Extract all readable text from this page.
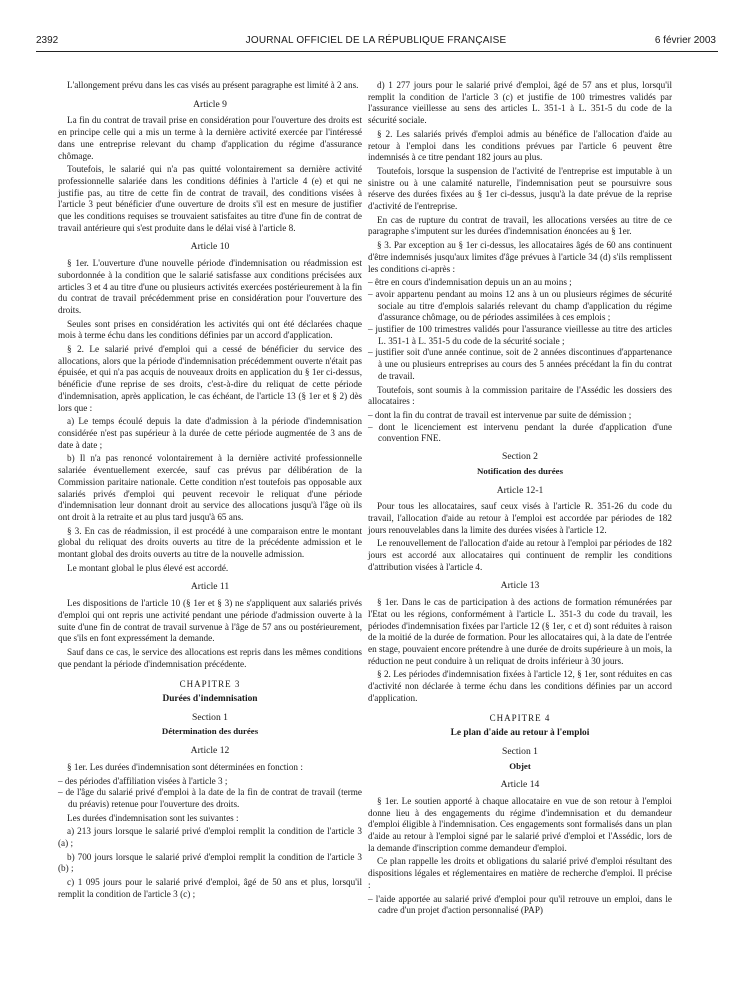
2392	JOURNAL OFFICIEL DE LA RÉPUBLIQUE FRANÇAISE	6 février 2003

L'allongement prévu dans les cas visés au présent paragraphe est limité à 2 ans.

Article 9

La fin du contrat de travail prise en considération pour l'ouverture des droits est en principe celle qui a mis un terme à la dernière activité exercée par l'intéressé dans une entreprise relevant du champ d'application du régime d'assurance chômage.

Toutefois, le salarié qui n'a pas quitté volontairement sa dernière activité professionnelle salariée dans les conditions définies à l'article 4 (e) et qui ne justifie pas, au titre de cette fin de contrat de travail, des conditions visées à l'article 3 peut bénéficier d'une ouverture de droits s'il est en mesure de justifier que les conditions requises se trouvaient satisfaites au titre d'une fin de contrat de travail antérieure qui s'est produite dans le délai visé à l'article 8.

Article 10

§ 1er. L'ouverture d'une nouvelle période d'indemnisation ou réadmission est subordonnée à la condition que le salarié satisfasse aux conditions précisées aux articles 3 et 4 au titre d'une ou plusieurs activités exercées postérieurement à la fin du contrat de travail précédemment prise en considération pour l'ouverture des droits.

Seules sont prises en considération les activités qui ont été déclarées chaque mois à terme échu dans les conditions définies par un accord d'application.

§ 2. Le salarié privé d'emploi qui a cessé de bénéficier du service des allocations, alors que la période d'indemnisation précédemment ouverte n'était pas épuisée, et qui n'a pas acquis de nouveaux droits en application du § 1er ci-dessus, bénéficie d'une reprise de ses droits, c'est-à-dire du reliquat de cette période d'indemnisation, après application, le cas échéant, de l'article 13 (§ 1er et § 2) dès lors que :

a) Le temps écoulé depuis la date d'admission à la période d'indemnisation considérée n'est pas supérieur à la durée de cette période augmentée de 3 ans de date à date ;

b) Il n'a pas renoncé volontairement à la dernière activité professionnelle salariée éventuellement exercée, sauf cas prévus par délibération de la Commission paritaire nationale. Cette condition n'est toutefois pas opposable aux salariés privés d'emploi qui peuvent recevoir le reliquat d'une période d'indemnisation leur donnant droit au service des allocations jusqu'à l'âge où ils ont droit à la retraite et au plus tard jusqu'à 65 ans.

§ 3. En cas de réadmission, il est procédé à une comparaison entre le montant global du reliquat des droits ouverts au titre de la précédente admission et le montant global des droits ouverts au titre de la nouvelle admission.

Le montant global le plus élevé est accordé.

Article 11

Les dispositions de l'article 10 (§ 1er et § 3) ne s'appliquent aux salariés privés d'emploi qui ont repris une activité pendant une période d'admission ouverte à la suite d'une fin de contrat de travail survenue à l'âge de 57 ans ou postérieurement, que s'ils en font expressément la demande.

Sauf dans ce cas, le service des allocations est repris dans les mêmes conditions que pendant la période d'indemnisation précédente.

CHAPITRE 3
Durées d'indemnisation
Section 1
Détermination des durées
Article 12

§ 1er. Les durées d'indemnisation sont déterminées en fonction :

– des périodes d'affiliation visées à l'article 3 ;
– de l'âge du salarié privé d'emploi à la date de la fin de contrat de travail (terme du préavis) retenue pour l'ouverture des droits.

Les durées d'indemnisation sont les suivantes :

a) 213 jours lorsque le salarié privé d'emploi remplit la condition de l'article 3 (a) ;

b) 700 jours lorsque le salarié privé d'emploi remplit la condition de l'article 3 (b) ;

c) 1 095 jours pour le salarié privé d'emploi, âgé de 50 ans et plus, lorsqu'il remplit la condition de l'article 3 (c) ;

d) 1 277 jours pour le salarié privé d'emploi, âgé de 57 ans et plus, lorsqu'il remplit la condition de l'article 3 (c) et justifie de 100 trimestres validés par l'assurance vieillesse au sens des articles L. 351-1 à L. 351-5 du code de la sécurité sociale.

§ 2. Les salariés privés d'emploi admis au bénéfice de l'allocation d'aide au retour à l'emploi dans les conditions prévues par l'article 6 peuvent être indemnisés à ce titre pendant 182 jours au plus.

Toutefois, lorsque la suspension de l'activité de l'entreprise est imputable à un sinistre ou à une calamité naturelle, l'indemnisation peut se poursuivre sous réserve des durées fixées au § 1er ci-dessus, jusqu'à la date prévue de la reprise d'activité de l'entreprise.

En cas de rupture du contrat de travail, les allocations versées au titre de ce paragraphe s'imputent sur les durées d'indemnisation énoncées au § 1er.

§ 3. Par exception au § 1er ci-dessus, les allocataires âgés de 60 ans continuent d'être indemnisés jusqu'aux limites d'âge prévues à l'article 34 (d) s'ils remplissent les conditions ci-après :

– être en cours d'indemnisation depuis un an au moins ;
– avoir appartenu pendant au moins 12 ans à un ou plusieurs régimes de sécurité sociale au titre d'emplois salariés relevant du champ d'application du régime d'assurance chômage, ou de périodes assimilées à ces emplois ;
– justifier de 100 trimestres validés pour l'assurance vieillesse au titre des articles L. 351-1 à L. 351-5 du code de la sécurité sociale ;
– justifier soit d'une année continue, soit de 2 années discontinues d'appartenance à une ou plusieurs entreprises au cours des 5 années précédant la fin du contrat de travail.

Toutefois, sont soumis à la commission paritaire de l'Assédic les dossiers des allocataires :

– dont la fin du contrat de travail est intervenue par suite de démission ;
– dont le licenciement est intervenu pendant la durée d'application d'une convention FNE.
Section 2
Notification des durées
Article 12-1

Pour tous les allocataires, sauf ceux visés à l'article R. 351-26 du code du travail, l'allocation d'aide au retour à l'emploi est accordée par périodes de 182 jours renouvelables dans la limite des durées visées à l'article 12.

Le renouvellement de l'allocation d'aide au retour à l'emploi par périodes de 182 jours est accordé aux allocataires qui continuent de remplir les conditions d'attribution visées à l'article 4.

Article 13

§ 1er. Dans le cas de participation à des actions de formation rémunérées par l'Etat ou les régions, conformément à l'article L. 351-3 du code du travail, les périodes d'indemnisation fixées par l'article 12 (§ 1er, c et d) sont réduites à raison de la moitié de la durée de formation. Pour les allocataires qui, à la date de l'entrée en stage, pouvaient encore prétendre à une durée de droits supérieure à un mois, la réduction ne peut conduire à un reliquat de droits inférieur à 30 jours.

§ 2. Les périodes d'indemnisation fixées à l'article 12, § 1er, sont réduites en cas d'activité non déclarée à terme échu dans les conditions définies par un accord d'application.

CHAPITRE 4
Le plan d'aide au retour à l'emploi
Section 1
Objet
Article 14

§ 1er. Le soutien apporté à chaque allocataire en vue de son retour à l'emploi donne lieu à des engagements du régime d'indemnisation et du demandeur d'emploi éligible à l'indemnisation. Ces engagements sont formalisés dans un plan d'aide au retour à l'emploi signé par le salarié privé d'emploi et l'Assédic, lors de la demande d'inscription comme demandeur d'emploi.

Ce plan rappelle les droits et obligations du salarié privé d'emploi résultant des dispositions légales et réglementaires en matière de recherche d'emploi. Il précise :

– l'aide apportée au salarié privé d'emploi pour qu'il retrouve un emploi, dans le cadre d'un projet d'action personnalisé (PAP)
